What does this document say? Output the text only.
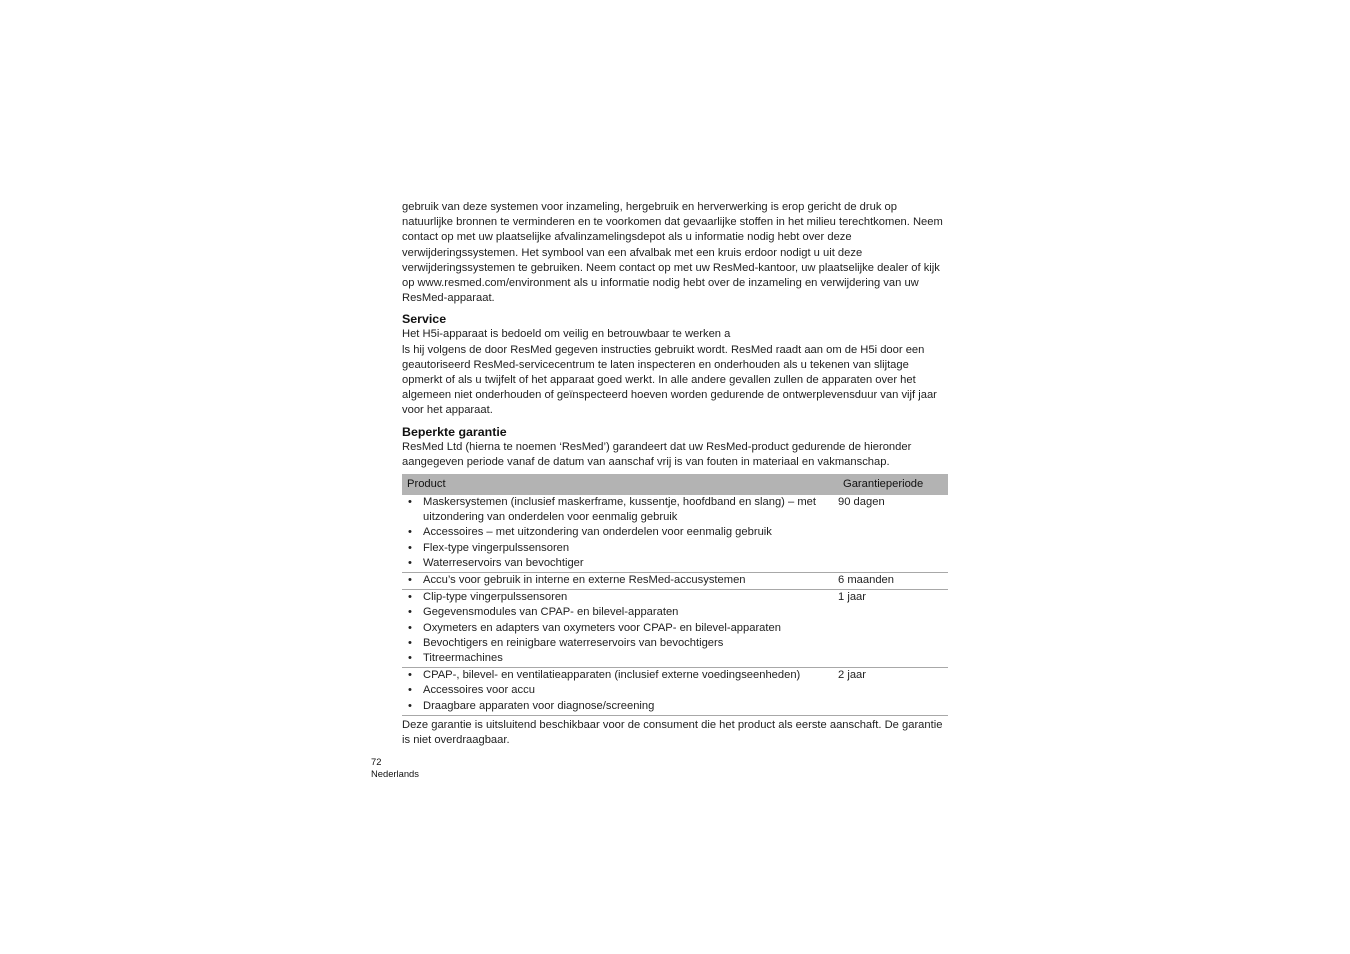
gebruik van deze systemen voor inzameling, hergebruik en herverwerking is erop gericht de druk op natuurlijke bronnen te verminderen en te voorkomen dat gevaarlijke stoffen in het milieu terechtkomen. Neem contact op met uw plaatselijke afvalinzamelingsdepot als u informatie nodig hebt over deze verwijderingssystemen. Het symbool van een afvalbak met een kruis erdoor nodigt u uit deze verwijderingssystemen te gebruiken. Neem contact op met uw ResMed-kantoor, uw plaatselijke dealer of kijk op www.resmed.com/environment als u informatie nodig hebt over de inzameling en verwijdering van uw ResMed-apparaat.

Service

Het H5i-apparaat is bedoeld om veilig en betrouwbaar te werken a

ls hij volgens de door ResMed gegeven instructies gebruikt wordt. ResMed raadt aan om de H5i door een geautoriseerd ResMed-servicecentrum te laten inspecteren en onderhouden als u tekenen van slijtage opmerkt of als u twijfelt of het apparaat goed werkt. In alle andere gevallen zullen de apparaten over het algemeen niet onderhouden of geïnspecteerd hoeven worden gedurende de ontwerplevensduur van vijf jaar voor het apparaat.

Beperkte garantie

ResMed Ltd (hierna te noemen ‘ResMed’) garandeert dat uw ResMed-product gedurende de hieronder aangegeven periode vanaf de datum van aanschaf vrij is van fouten in materiaal en vakmanschap.

Product	Garantieperiode
• Maskersystemen (inclusief maskerframe, kussentje, hoofdband en slang) – met uitzondering van onderdelen voor eenmalig gebruik
• Accessoires – met uitzondering van onderdelen voor eenmalig gebruik
• Flex-type vingerpulssensoren
• Waterreservoirs van bevochtiger
90 dagen
• Accu’s voor gebruik in interne en externe ResMed-accusystemen	6 maanden
• Clip-type vingerpulssensoren
• Gegevensmodules van CPAP- en bilevel-apparaten
• Oxymeters en adapters van oxymeters voor CPAP- en bilevel-apparaten
• Bevochtigers en reinigbare waterreservoirs van bevochtigers
• Titreermachines
1 jaar
• CPAP-, bilevel- en ventilatieapparaten (inclusief externe voedingseenheden)
• Accessoires voor accu
• Draagbare apparaten voor diagnose/screening
2 jaar

Deze garantie is uitsluitend beschikbaar voor de consument die het product als eerste aanschaft. De garantie is niet overdraagbaar.

72
Nederlands
